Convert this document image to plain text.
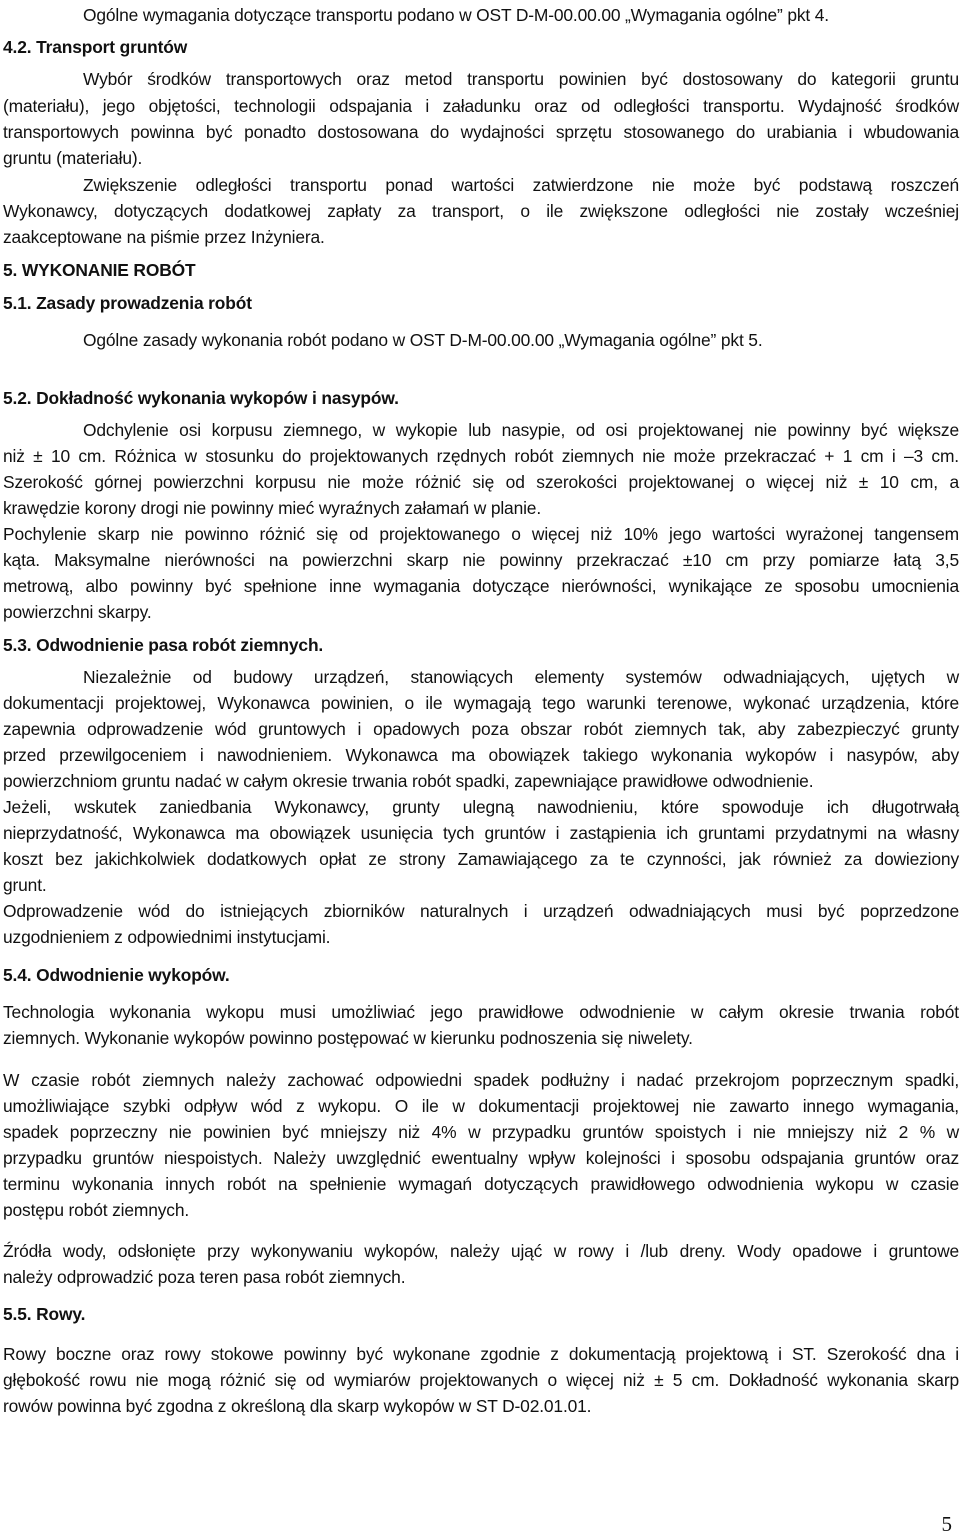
Ogólne wymagania dotyczące transportu podano w OST D-M-00.00.00 „Wymagania ogólne” pkt 4.
4.2. Transport gruntów
Wybór środków transportowych oraz metod transportu powinien być dostosowany do kategorii gruntu
(materiału), jego objętości, technologii odspajania i załadunku oraz od odległości transportu. Wydajność środków
transportowych powinna być ponadto dostosowana do wydajności sprzętu stosowanego do urabiania i wbudowania
gruntu (materiału).
Zwiększenie odległości transportu ponad wartości zatwierdzone nie może być podstawą roszczeń
Wykonawcy, dotyczących dodatkowej zapłaty za transport, o ile zwiększone odległości nie zostały wcześniej
zaakceptowane na piśmie przez Inżyniera.
5. WYKONANIE ROBÓT
5.1. Zasady prowadzenia robót
Ogólne zasady wykonania robót podano w OST D-M-00.00.00 „Wymagania ogólne” pkt 5.
5.2. Dokładność wykonania wykopów i nasypów.
Odchylenie osi korpusu ziemnego, w wykopie lub nasypie, od osi projektowanej nie powinny być większe
niż ± 10 cm. Różnica w stosunku do projektowanych rzędnych robót ziemnych nie może przekraczać + 1 cm i –3 cm.
Szerokość górnej powierzchni korpusu nie może różnić się od szerokości projektowanej o więcej niż ± 10 cm, a
krawędzie korony drogi nie powinny mieć wyraźnych załamań w planie.
Pochylenie skarp nie powinno różnić się od projektowanego o więcej niż 10% jego wartości wyrażonej tangensem
kąta. Maksymalne nierówności na powierzchni skarp nie powinny przekraczać ±10 cm przy pomiarze łatą 3,5
metrową, albo powinny być spełnione inne wymagania dotyczące nierówności, wynikające ze sposobu umocnienia
powierzchni skarpy.
5.3. Odwodnienie pasa robót ziemnych.
Niezależnie od budowy urządzeń, stanowiących elementy systemów odwadniających, ujętych w
dokumentacji projektowej, Wykonawca powinien, o ile wymagają tego warunki terenowe, wykonać urządzenia, które
zapewnia odprowadzenie wód gruntowych i opadowych poza obszar robót ziemnych tak, aby zabezpieczyć grunty
przed przewilgoceniem i nawodnieniem. Wykonawca ma obowiązek takiego wykonania wykopów i nasypów, aby
powierzchniom gruntu nadać w całym okresie trwania robót spadki, zapewniające prawidłowe odwodnienie.
Jeżeli, wskutek zaniedbania Wykonawcy, grunty ulegną nawodnieniu, które spowoduje ich długotrwałą
nieprzydatność, Wykonawca ma obowiązek usunięcia tych gruntów i zastąpienia ich gruntami przydatnymi na własny
koszt bez jakichkolwiek dodatkowych opłat ze strony Zamawiającego za te czynności, jak również za dowieziony
grunt.
Odprowadzenie wód do istniejących zbiorników naturalnych i urządzeń odwadniających musi być poprzedzone
uzgodnieniem z odpowiednimi instytucjami.
5.4. Odwodnienie wykopów.
Technologia wykonania wykopu musi umożliwiać jego prawidłowe odwodnienie w całym okresie trwania robót
ziemnych. Wykonanie wykopów powinno postępować w kierunku podnoszenia się niwelety.
W czasie robót ziemnych należy zachować odpowiedni spadek podłużny i nadać przekrojom poprzecznym spadki,
umożliwiające szybki odpływ wód z wykopu. O ile w dokumentacji projektowej nie zawarto innego wymagania,
spadek poprzeczny nie powinien być mniejszy niż 4% w przypadku gruntów spoistych i nie mniejszy niż 2 % w
przypadku gruntów niespoistych. Należy uwzględnić ewentualny wpływ kolejności i sposobu odspajania gruntów oraz
terminu wykonania innych robót na spełnienie wymagań dotyczących prawidłowego odwodnienia wykopu w czasie
postępu robót ziemnych.
Źródła wody, odsłonięte przy wykonywaniu wykopów, należy ująć w rowy i /lub dreny. Wody opadowe i gruntowe
należy odprowadzić poza teren pasa robót ziemnych.
5.5. Rowy.
Rowy boczne oraz rowy stokowe powinny być wykonane zgodnie z dokumentacją projektową i ST. Szerokość dna i
głębokość rowu nie mogą różnić się od wymiarów projektowanych o więcej niż ± 5 cm. Dokładność wykonania skarp
rowów powinna być zgodna z określoną dla skarp wykopów w ST D-02.01.01.
5
